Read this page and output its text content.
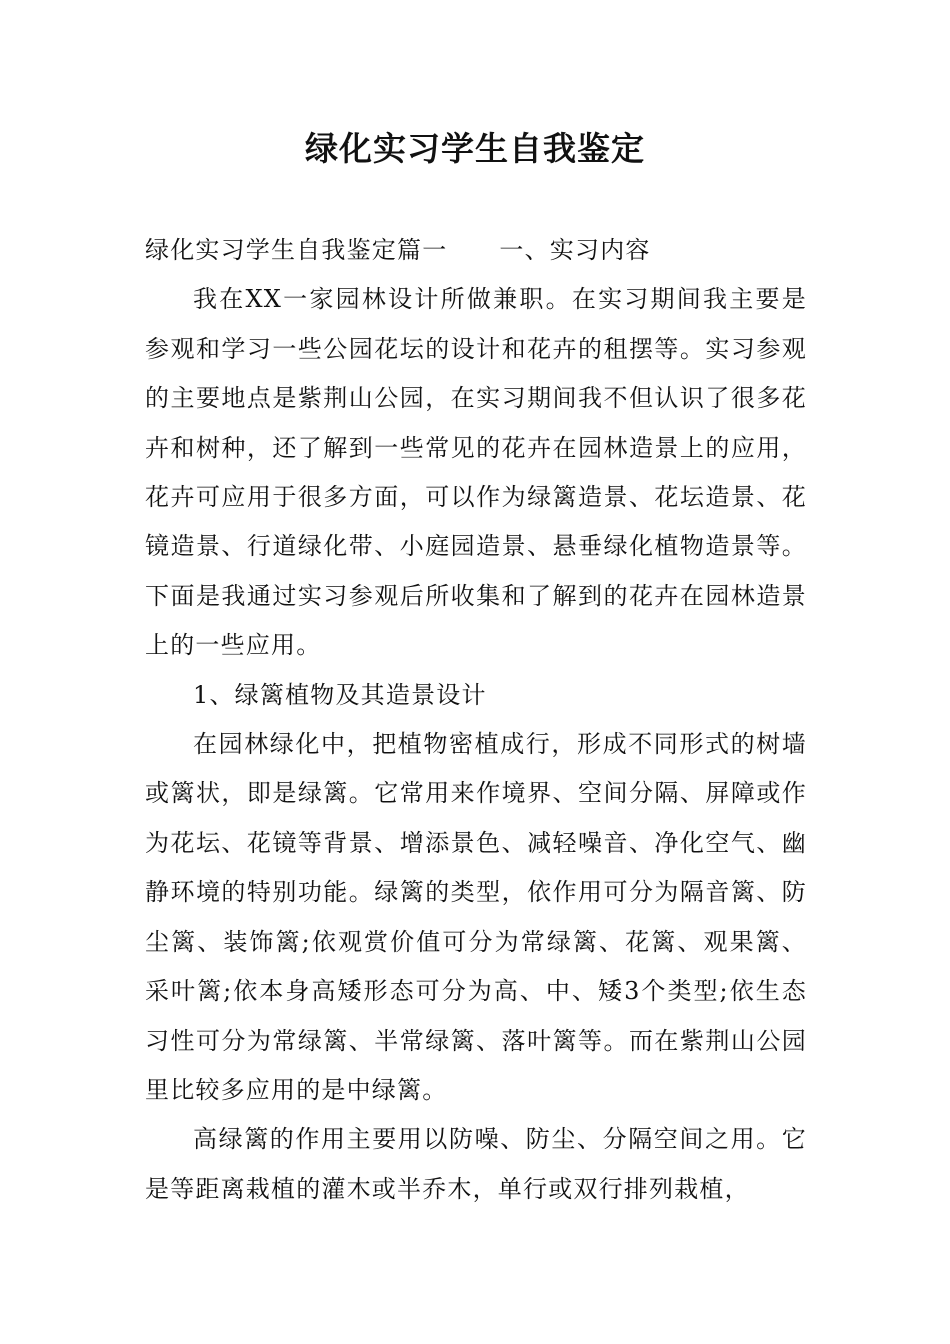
绿化实习学生自我鉴定

绿化实习学生自我鉴定篇一 一、实习内容

我在XX一家园林设计所做兼职。在实习期间我主要是参观和学习一些公园花坛的设计和花卉的租摆等。实习参观的主要地点是紫荆山公园，在实习期间我不但认识了很多花卉和树种，还了解到一些常见的花卉在园林造景上的应用，花卉可应用于很多方面，可以作为绿篱造景、花坛造景、花镜造景、行道绿化带、小庭园造景、悬垂绿化植物造景等。下面是我通过实习参观后所收集和了解到的花卉在园林造景上的一些应用。

1、绿篱植物及其造景设计

在园林绿化中，把植物密植成行，形成不同形式的树墙或篱状，即是绿篱。它常用来作境界、空间分隔、屏障或作为花坛、花镜等背景、增添景色、减轻噪音、净化空气、幽静环境的特别功能。绿篱的类型，依作用可分为隔音篱、防尘篱、装饰篱;依观赏价值可分为常绿篱、花篱、观果篱、采叶篱;依本身高矮形态可分为高、中、矮3个类型;依生态习性可分为常绿篱、半常绿篱、落叶篱等。而在紫荆山公园里比较多应用的是中绿篱。

高绿篱的作用主要用以防噪、防尘、分隔空间之用。它是等距离栽植的灌木或半乔木，单行或双行排列栽植，
